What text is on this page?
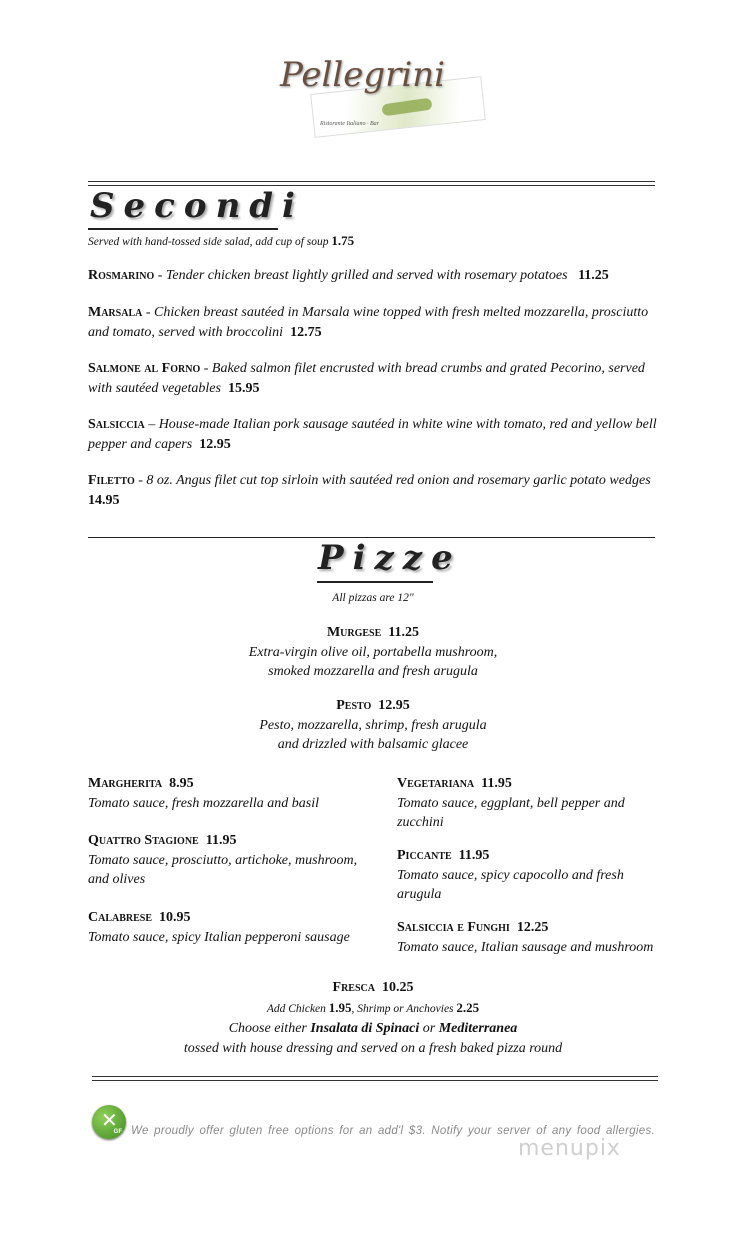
Pellegrini
Ristorante Italiano · Bar
Secondi
Served with hand-tossed side salad, add cup of soup 1.75
Rosmarino - Tender chicken breast lightly grilled and served with rosemary potatoes 11.25
Marsala - Chicken breast sautéed in Marsala wine topped with fresh melted mozzarella, prosciutto and tomato, served with broccolini 12.75
Salmone al Forno - Baked salmon filet encrusted with bread crumbs and grated Pecorino, served with sautéed vegetables 15.95
Salsiccia – House-made Italian pork sausage sautéed in white wine with tomato, red and yellow bell pepper and capers 12.95
Filetto - 8 oz. Angus filet cut top sirloin with sautéed red onion and rosemary garlic potato wedges 14.95
Pizze
All pizzas are 12"
Murgese 11.25
Extra-virgin olive oil, portabella mushroom,
smoked mozzarella and fresh arugula
Pesto 12.95
Pesto, mozzarella, shrimp, fresh arugula
and drizzled with balsamic glacee
Margherita 8.95
Tomato sauce, fresh mozzarella and basil
Quattro Stagione 11.95
Tomato sauce, prosciutto, artichoke, mushroom, and olives
Calabrese 10.95
Tomato sauce, spicy Italian pepperoni sausage
Vegetariana 11.95
Tomato sauce, eggplant, bell pepper and zucchini
Piccante 11.95
Tomato sauce, spicy capocollo and fresh arugula
Salsiccia e Funghi 12.25
Tomato sauce, Italian sausage and mushroom
Fresca 10.25
Add Chicken 1.95, Shrimp or Anchovies 2.25
Choose either Insalata di Spinaci or Mediterranea
tossed with house dressing and served on a fresh baked pizza round
GF
✕ We proudly offer gluten free options for an add'l $3. Notify your server of any food allergies.
menupix
